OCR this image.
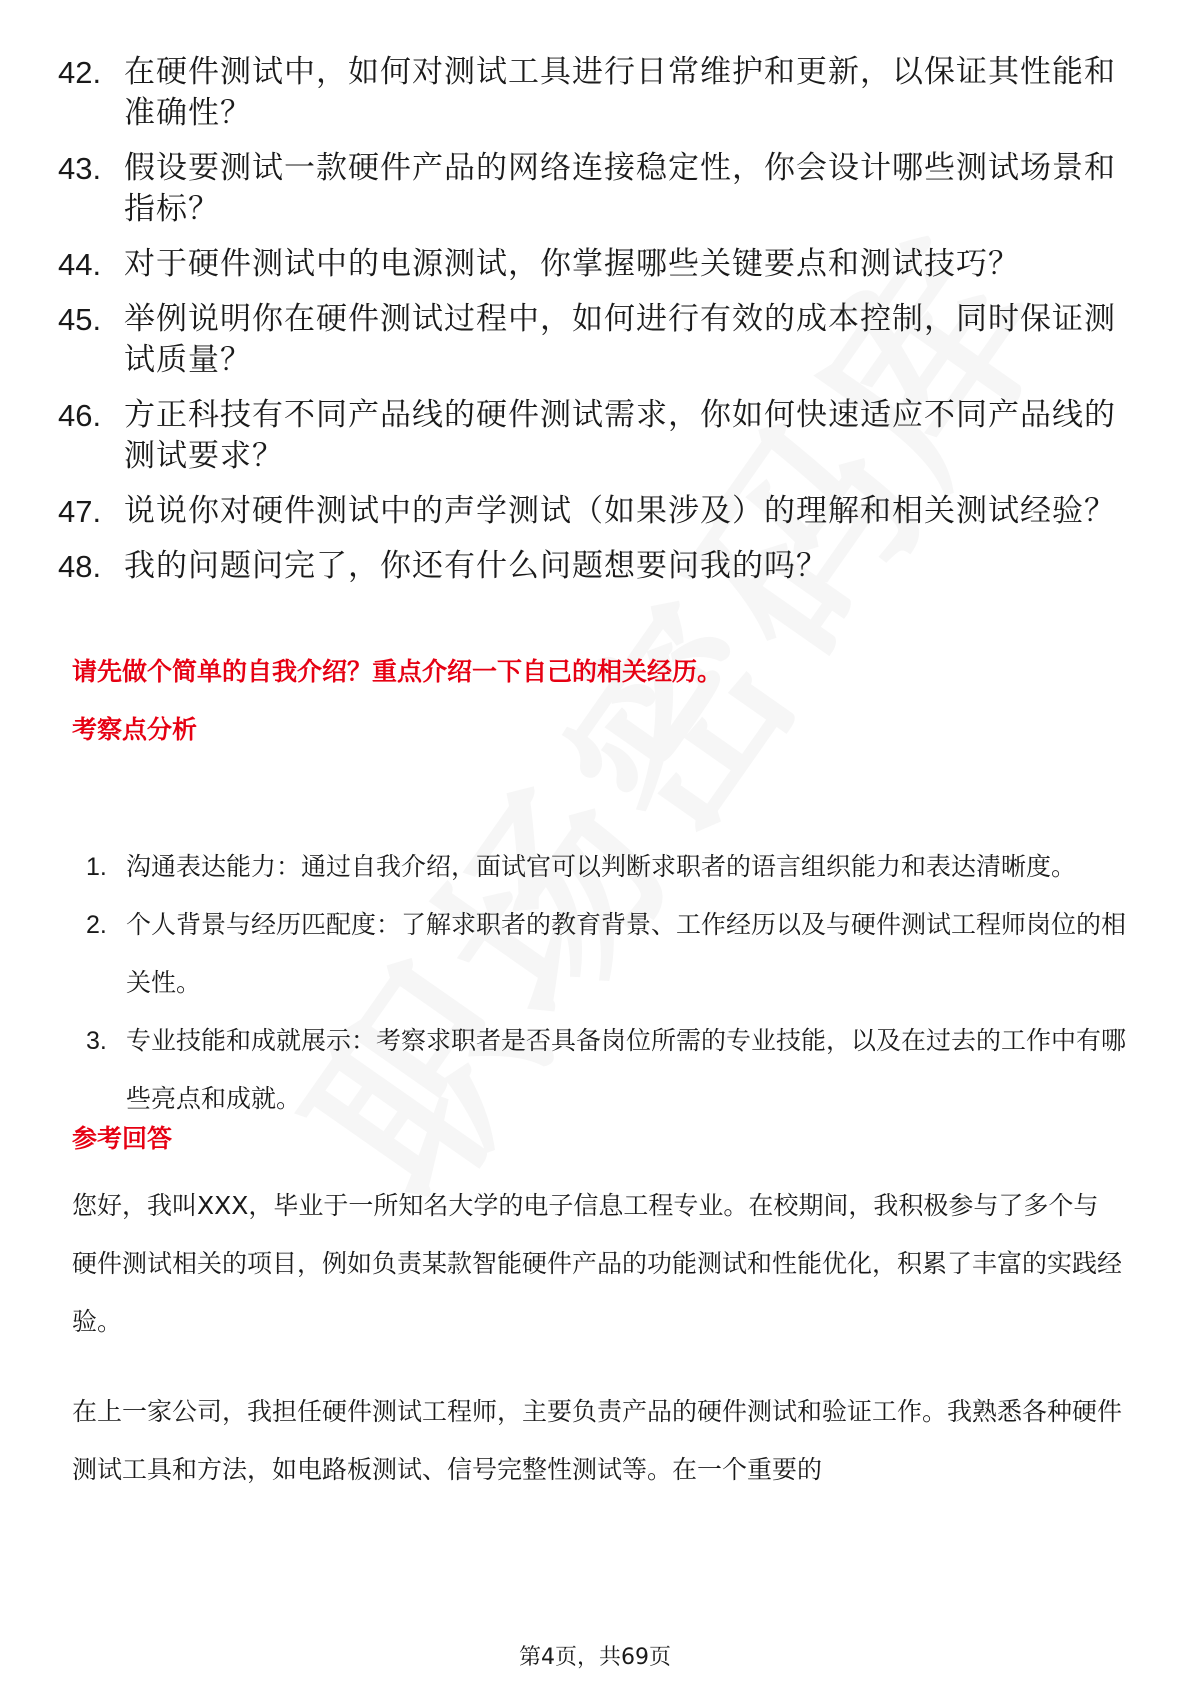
42. 在硬件测试中，如何对测试工具进行日常维护和更新，以保证其性能和准确性？
43. 假设要测试一款硬件产品的网络连接稳定性，你会设计哪些测试场景和指标？
44. 对于硬件测试中的电源测试，你掌握哪些关键要点和测试技巧？
45. 举例说明你在硬件测试过程中，如何进行有效的成本控制，同时保证测试质量？
46. 方正科技有不同产品线的硬件测试需求，你如何快速适应不同产品线的测试要求？
47. 说说你对硬件测试中的声学测试（如果涉及）的理解和相关测试经验？
48. 我的问题问完了，你还有什么问题想要问我的吗？
请先做个简单的自我介绍？重点介绍一下自己的相关经历。
考察点分析
1. 沟通表达能力：通过自我介绍，面试官可以判断求职者的语言组织能力和表达清晰度。
2. 个人背景与经历匹配度：了解求职者的教育背景、工作经历以及与硬件测试工程师岗位的相关性。
3. 专业技能和成就展示：考察求职者是否具备岗位所需的专业技能，以及在过去的工作中有哪些亮点和成就。
参考回答
您好，我叫XXX，毕业于一所知名大学的电子信息工程专业。在校期间，我积极参与了多个与硬件测试相关的项目，例如负责某款智能硬件产品的功能测试和性能优化，积累了丰富的实践经验。
在上一家公司，我担任硬件测试工程师，主要负责产品的硬件测试和验证工作。我熟悉各种硬件测试工具和方法，如电路板测试、信号完整性测试等。在一个重要的
第4页，共69页
